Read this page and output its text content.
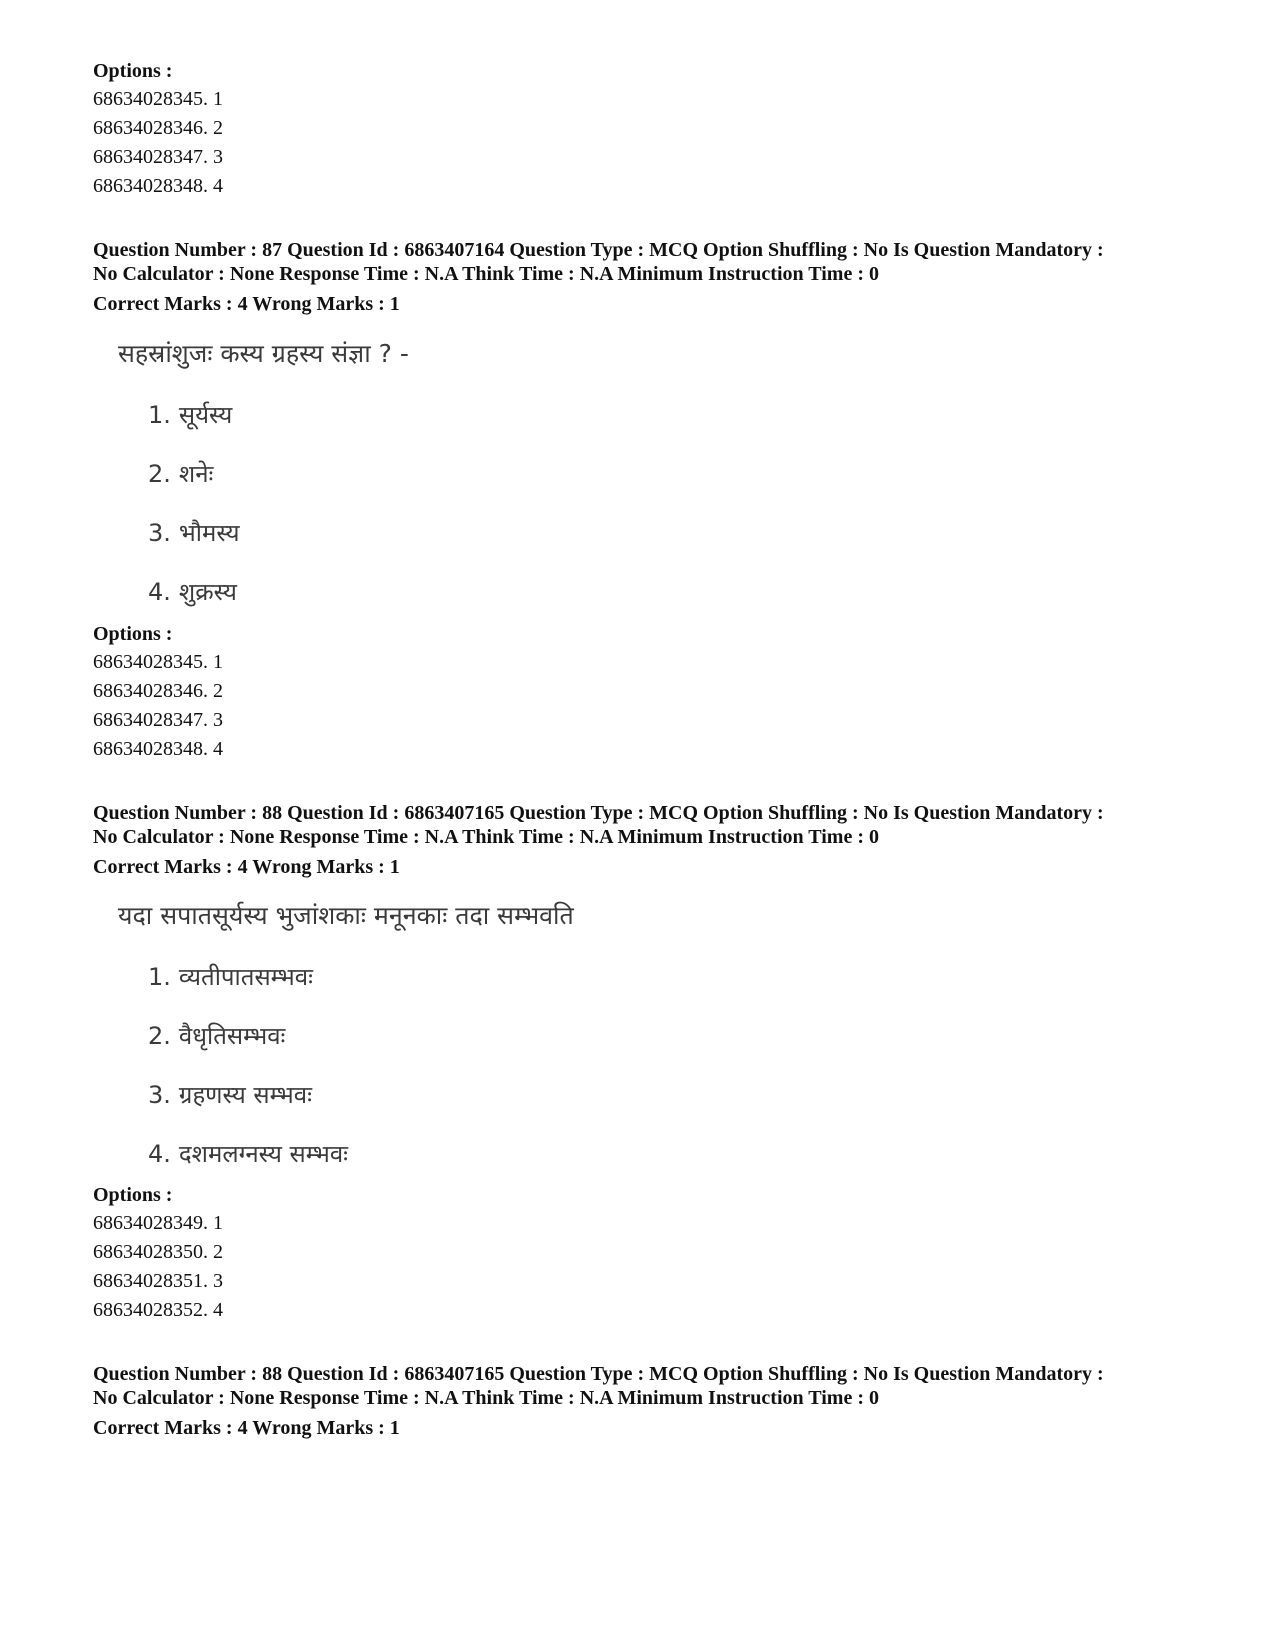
Options :
68634028345. 1
68634028346. 2
68634028347. 3
68634028348. 4
Question Number : 87 Question Id : 6863407164 Question Type : MCQ Option Shuffling : No Is Question Mandatory :
No Calculator : None Response Time : N.A Think Time : N.A Minimum Instruction Time : 0
Correct Marks : 4 Wrong Marks : 1
सहस्रांशुजः कस्य ग्रहस्य संज्ञा ? -
1. सूर्यस्य
2. शनेः
3. भौमस्य
4. शुक्रस्य
Options :
68634028345. 1
68634028346. 2
68634028347. 3
68634028348. 4
Question Number : 88 Question Id : 6863407165 Question Type : MCQ Option Shuffling : No Is Question Mandatory :
No Calculator : None Response Time : N.A Think Time : N.A Minimum Instruction Time : 0
Correct Marks : 4 Wrong Marks : 1
यदा सपातसूर्यस्य भुजांशकाः मनूनकाः तदा सम्भवति
1. व्यतीपातसम्भवः
2. वैधृतिसम्भवः
3. ग्रहणस्य सम्भवः
4. दशमलग्नस्य सम्भवः
Options :
68634028349. 1
68634028350. 2
68634028351. 3
68634028352. 4
Question Number : 88 Question Id : 6863407165 Question Type : MCQ Option Shuffling : No Is Question Mandatory :
No Calculator : None Response Time : N.A Think Time : N.A Minimum Instruction Time : 0
Correct Marks : 4 Wrong Marks : 1
